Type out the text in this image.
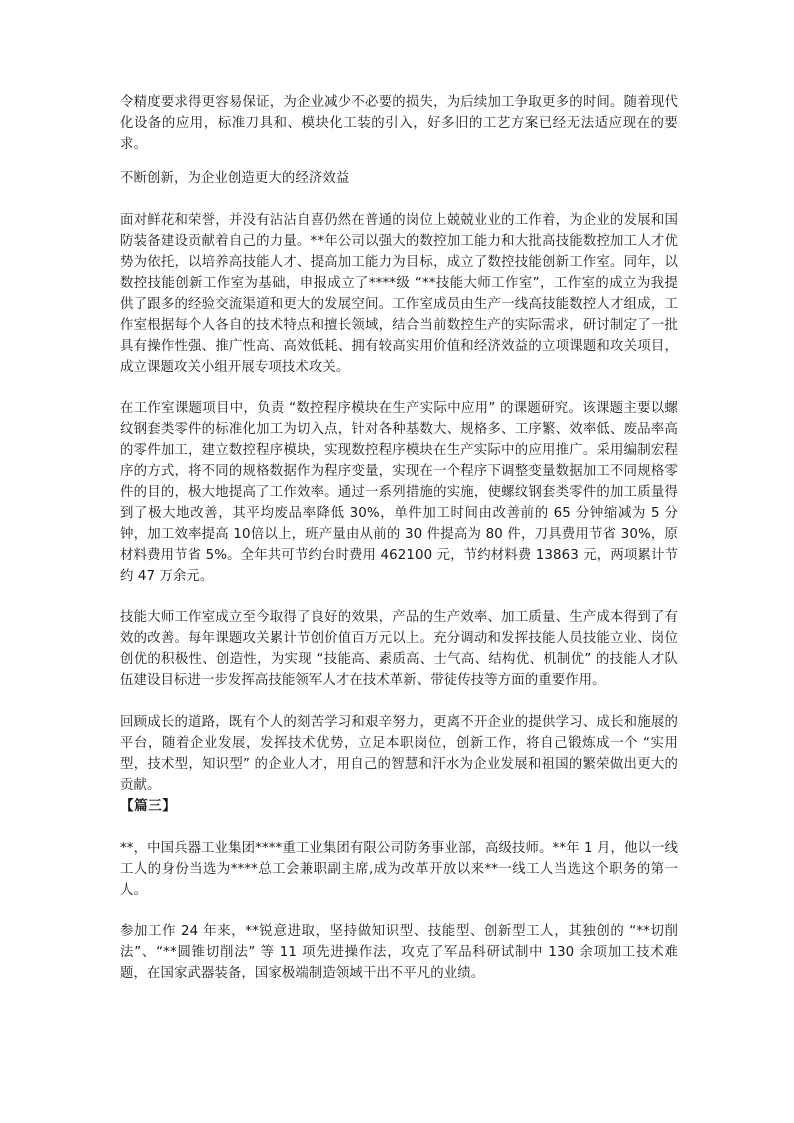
令精度要求得更容易保证，为企业减少不必要的损失，为后续加工争取更多的时间。随着现代化设备的应用，标准刀具和、模块化工装的引入，好多旧的工艺方案已经无法适应现在的要求。

不断创新，为企业创造更大的经济效益

面对鲜花和荣誉，并没有沾沾自喜仍然在普通的岗位上兢兢业业的工作着，为企业的发展和国防装备建设贡献着自己的力量。**年公司以强大的数控加工能力和大批高技能数控加工人才优势为依托，以培养高技能人才、提高加工能力为目标，成立了数控技能创新工作室。同年，以数控技能创新工作室为基础，申报成立了****级 “**技能大师工作室”，工作室的成立为我提供了跟多的经验交流渠道和更大的发展空间。工作室成员由生产一线高技能数控人才组成，工作室根据每个人各自的技术特点和擅长领域，结合当前数控生产的实际需求，研讨制定了一批具有操作性强、推广性高、高效低耗、拥有较高实用价值和经济效益的立项课题和攻关项目，成立课题攻关小组开展专项技术攻关。

在工作室课题项目中，负责 “数控程序模块在生产实际中应用” 的课题研究。该课题主要以螺纹钢套类零件的标准化加工为切入点，针对各种基数大、规格多、工序繁、效率低、废品率高的零件加工，建立数控程序模块，实现数控程序模块在生产实际中的应用推广。采用编制宏程序的方式，将不同的规格数据作为程序变量，实现在一个程序下调整变量数据加工不同规格零件的目的，极大地提高了工作效率。通过一系列措施的实施，使螺纹钢套类零件的加工质量得到了极大地改善，其平均废品率降低 30%，单件加工时间由改善前的 65 分钟缩减为 5 分钟，加工效率提高 10倍以上，班产量由从前的 30 件提高为 80 件，刀具费用节省 30%，原材料费用节省 5%。全年共可节约台时费用 462100 元，节约材料费 13863 元，两项累计节约 47 万余元。

技能大师工作室成立至今取得了良好的效果，产品的生产效率、加工质量、生产成本得到了有效的改善。每年课题攻关累计节创价值百万元以上。充分调动和发挥技能人员技能立业、岗位创优的积极性、创造性，为实现 “技能高、素质高、士气高、结构优、机制优” 的技能人才队伍建设目标进一步发挥高技能领军人才在技术革新、带徒传技等方面的重要作用。

回顾成长的道路，既有个人的刻苦学习和艰辛努力，更离不开企业的提供学习、成长和施展的平台，随着企业发展，发挥技术优势，立足本职岗位，创新工作，将自己锻炼成一个 “实用型，技术型，知识型” 的企业人才，用自己的智慧和汗水为企业发展和祖国的繁荣做出更大的贡献。

【篇三】

**，中国兵器工业集团****重工业集团有限公司防务事业部，高级技师。**年 1 月，他以一线工人的身份当选为****总工会兼职副主席,成为改革开放以来**一线工人当选这个职务的第一人。

参加工作 24 年来，**锐意进取，坚持做知识型、技能型、创新型工人，其独创的 “**切削法”、“**圆锥切削法” 等 11 项先进操作法，攻克了军品科研试制中 130 余项加工技术难题，在国家武器装备，国家极端制造领域干出不平凡的业绩。
